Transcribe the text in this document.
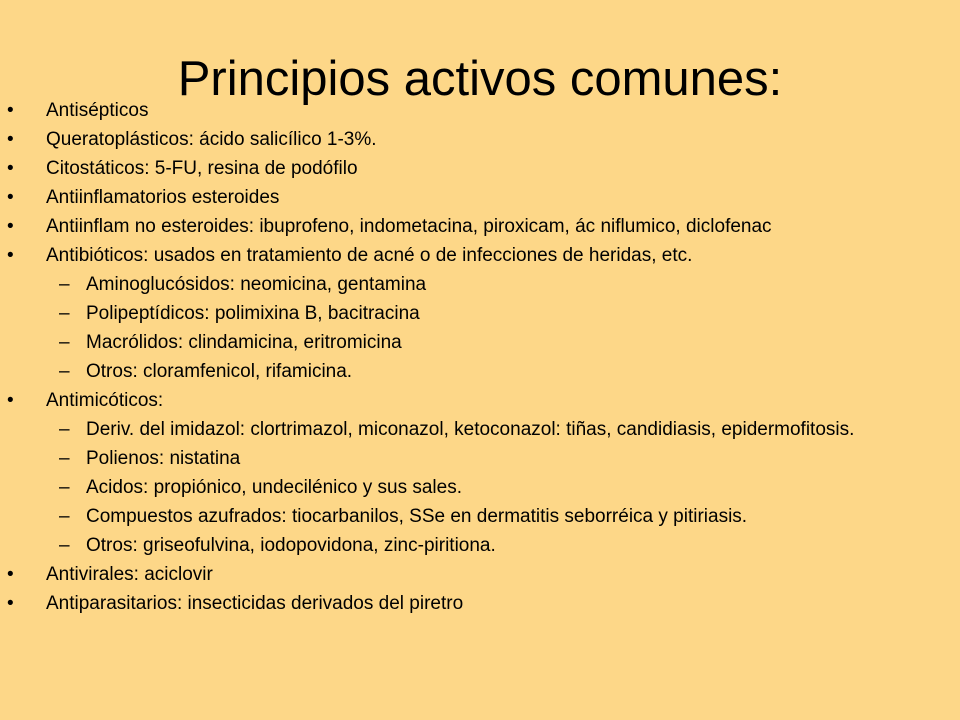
Principios activos comunes:
•	Antisépticos
•	Queratoplásticos: ácido salicílico 1-3%.
•	Citostáticos: 5-FU, resina de podófilo
•	Antiinflamatorios esteroides
•	Antiinflam no esteroides: ibuprofeno, indometacina, piroxicam, ác niflumico, diclofenac
•	Antibióticos: usados en tratamiento de acné o de infecciones de heridas, etc.
– Aminoglucósidos: neomicina, gentamina
– Polipeptídicos: polimixina B, bacitracina
– Macrólidos: clindamicina, eritromicina
– Otros: cloramfenicol, rifamicina.
•	Antimicóticos:
– Deriv. del imidazol: clortrimazol, miconazol, ketoconazol: tiñas, candidiasis, epidermofitosis.
– Polienos: nistatina
– Acidos: propiónico, undecilénico y sus sales.
– Compuestos azufrados: tiocarbanilos, SSe en dermatitis seborréica y pitiriasis.
– Otros: griseofulvina, iodopovidona, zinc-piritiona.
•	Antivirales: aciclovir
•	Antiparasitarios: insecticidas derivados del piretro
